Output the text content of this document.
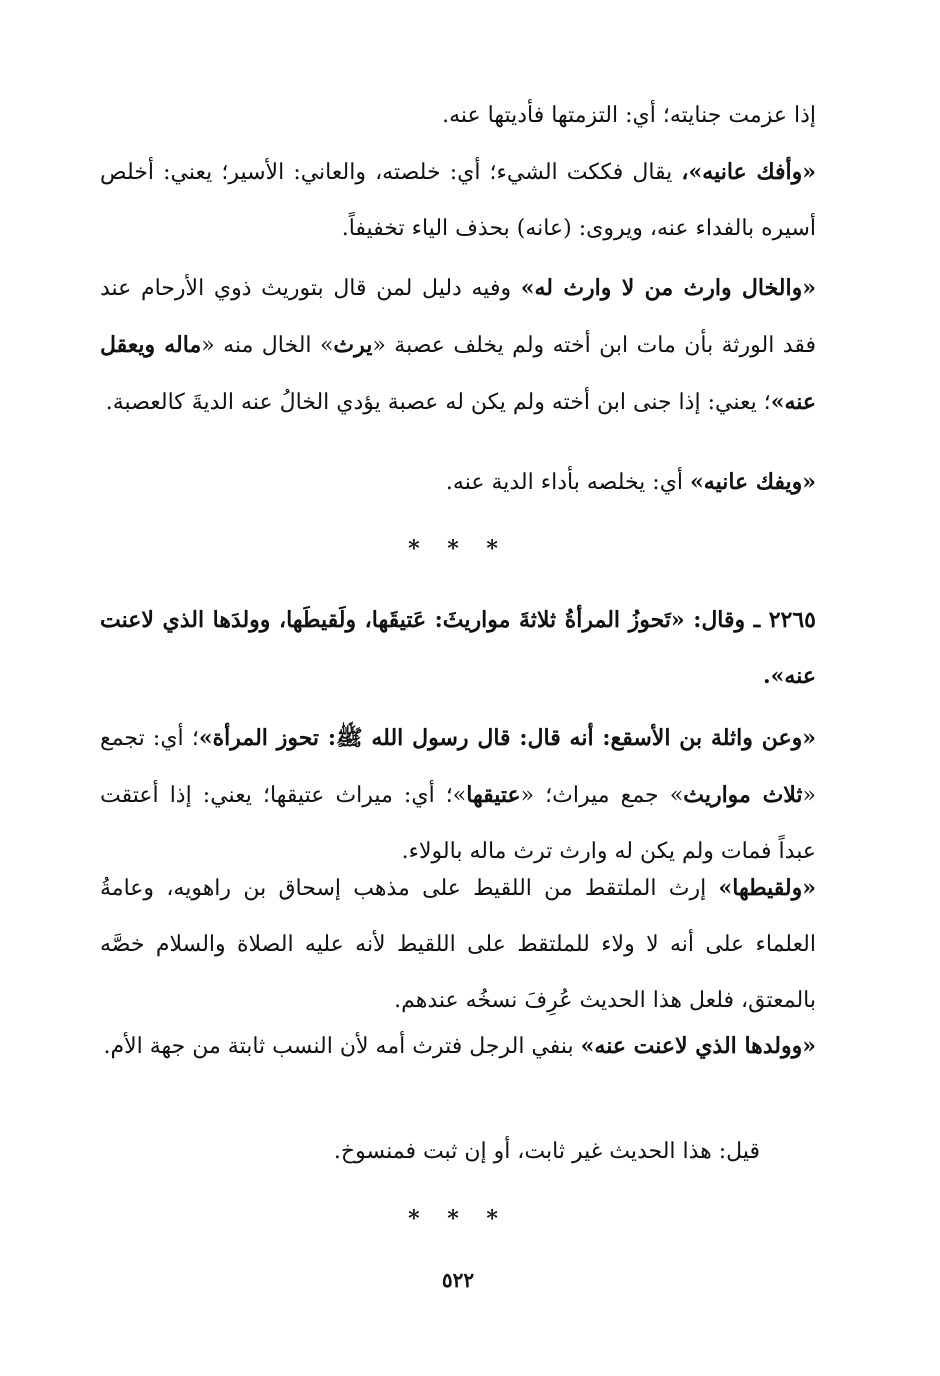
إذا عزمت جنايته؛ أي: التزمتها فأديتها عنه.

«وأفك عانيه»، يقال فككت الشيء؛ أي: خلصته، والعاني: الأسير؛ يعني: أخلص أسيره بالفداء عنه، ويروى: (عانه) بحذف الياء تخفيفاً.

«والخال وارث من لا وارث له» وفيه دليل لمن قال بتوريث ذوي الأرحام عند فقد الورثة بأن مات ابن أخته ولم يخلف عصبة «يرث» الخال منه «ماله ويعقل عنه»؛ يعني: إذا جنى ابن أخته ولم يكن له عصبة يؤدي الخالُ عنه الديةَ كالعصبة.

«ويفك عانيه» أي: يخلصه بأداء الدية عنه.

* * *

٢٢٦٥ ـ وقال: «تَحوزُ المرأةُ ثلاثةَ مواريثَ: عَتيقَها، ولَقيطَها، وولدَها الذي لاعنت عنه».

«وعن واثلة بن الأسقع: أنه قال: قال رسول الله ﷺ: تحوز المرأة»؛ أي: تجمع «ثلاث مواريث» جمع ميراث؛ «عتيقها»؛ أي: ميراث عتيقها؛ يعني: إذا أعتقت عبداً فمات ولم يكن له وارث ترث ماله بالولاء.

«ولقيطها» إرث الملتقط من اللقيط على مذهب إسحاق بن راهويه، وعامةُ العلماء على أنه لا ولاء للملتقط على اللقيط لأنه عليه الصلاة والسلام خصَّه بالمعتق، فلعل هذا الحديث عُرِفَ نسخُه عندهم.

«وولدها الذي لاعنت عنه» بنفي الرجل فترث أمه لأن النسب ثابتة من جهة الأم.

قيل: هذا الحديث غير ثابت، أو إن ثبت فمنسوخ.

* * *
٥٢٢
